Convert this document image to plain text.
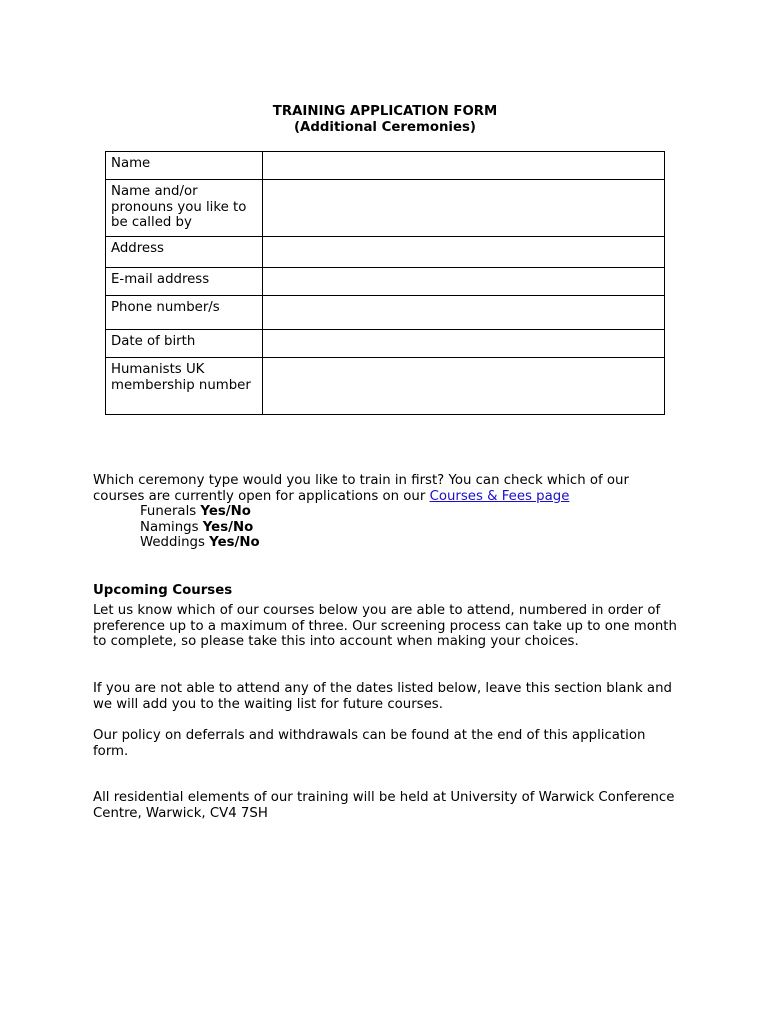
TRAINING APPLICATION FORM
(Additional Ceremonies)
Name	
Name and/or pronouns you like to be called by	
Address	
E-mail address	
Phone number/s	
Date of birth	
Humanists UK membership number	
Which ceremony type would you like to train in first? You can check which of our courses are currently open for applications on our Courses & Fees page
Funerals Yes/No
Namings Yes/No
Weddings Yes/No
Upcoming Courses
Let us know which of our courses below you are able to attend, numbered in order of preference up to a maximum of three. Our screening process can take up to one month to complete, so please take this into account when making your choices.
If you are not able to attend any of the dates listed below, leave this section blank and we will add you to the waiting list for future courses.
Our policy on deferrals and withdrawals can be found at the end of this application form.
All residential elements of our training will be held at University of Warwick Conference Centre, Warwick, CV4 7SH
